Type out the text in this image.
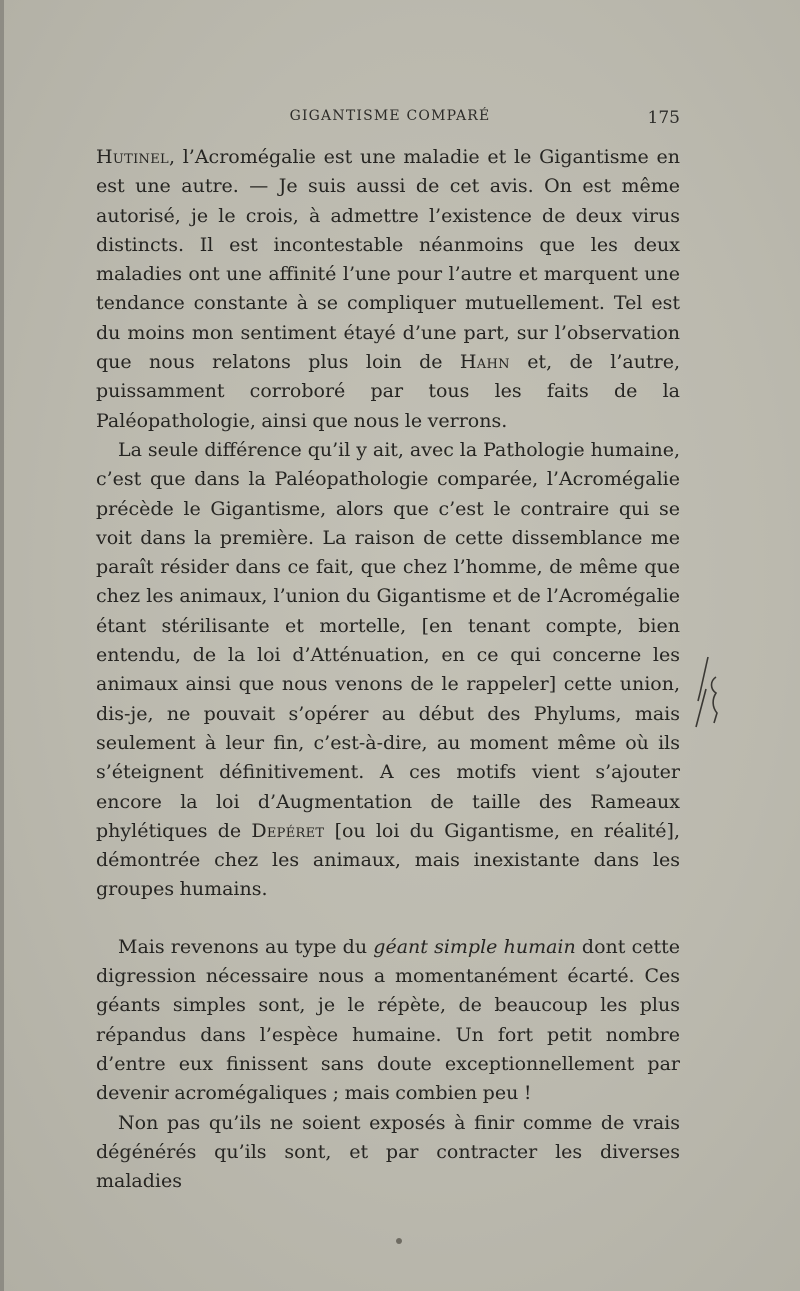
GIGANTISME COMPARÉ	175

Hutinel, l’Acromégalie est une maladie et le Gigantisme en est une autre. — Je suis aussi de cet avis. On est même autorisé, je le crois, à admettre l’existence de deux virus distincts. Il est incontestable néanmoins que les deux maladies ont une affinité l’une pour l’autre et marquent une tendance constante à se compliquer mutuellement. Tel est du moins mon sentiment étayé d’une part, sur l’observation que nous relatons plus loin de Hahn et, de l’autre, puissamment corroboré par tous les faits de la Paléopathologie, ainsi que nous le verrons.

La seule différence qu’il y ait, avec la Pathologie humaine, c’est que dans la Paléopathologie comparée, l’Acromégalie précède le Gigantisme, alors que c’est le contraire qui se voit dans la première. La raison de cette dissemblance me paraît résider dans ce fait, que chez l’homme, de même que chez les animaux, l’union du Gigantisme et de l’Acromégalie étant stérilisante et mortelle, [en tenant compte, bien entendu, de la loi d’Atténuation, en ce qui concerne les animaux ainsi que nous venons de le rappeler] cette union, dis-je, ne pouvait s’opérer au début des Phylums, mais seulement à leur fin, c’est-à-dire, au moment même où ils s’éteignent définitivement. A ces motifs vient s’ajouter encore la loi d’Augmentation de taille des Rameaux phylétiques de Depéret [ou loi du Gigantisme, en réalité], démontrée chez les animaux, mais inexistante dans les groupes humains.

Mais revenons au type du géant simple humain dont cette digression nécessaire nous a momentanément écarté. Ces géants simples sont, je le répète, de beaucoup les plus répandus dans l’espèce humaine. Un fort petit nombre d’entre eux finissent sans doute exceptionnellement par devenir acromégaliques ; mais combien peu !

Non pas qu’ils ne soient exposés à finir comme de vrais dégénérés qu’ils sont, et par contracter les diverses maladies
